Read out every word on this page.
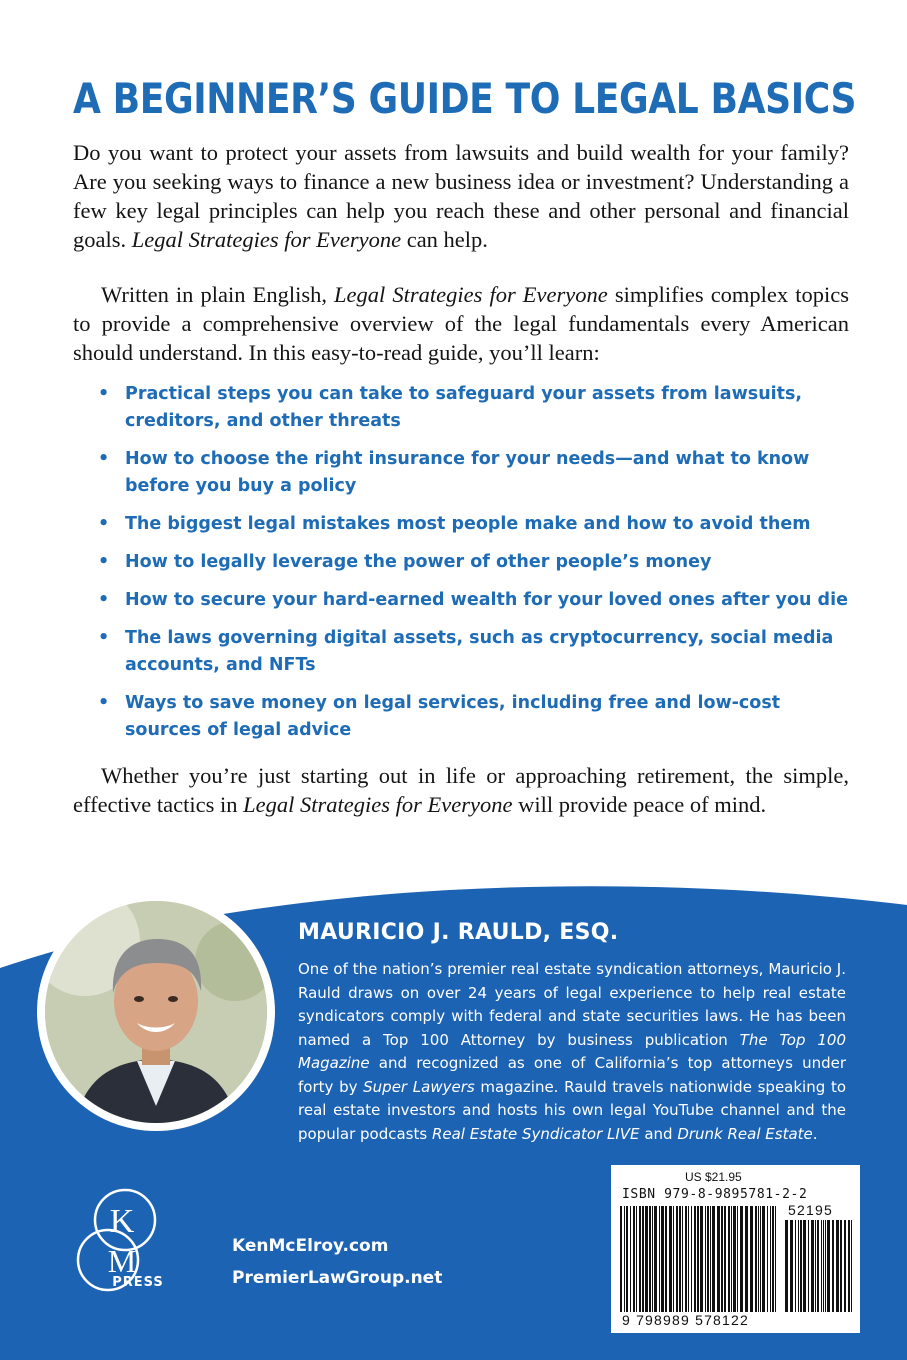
A BEGINNER’S GUIDE TO LEGAL BASICS

Do you want to protect your assets from lawsuits and build wealth for your family? Are you seeking ways to finance a new business idea or investment? Understanding a few key legal principles can help you reach these and other personal and financial goals. Legal Strategies for Everyone can help.

Written in plain English, Legal Strategies for Everyone simplifies complex topics to provide a comprehensive overview of the legal fundamentals every American should understand. In this easy-to-read guide, you’ll learn:

• Practical steps you can take to safeguard your assets from lawsuits, creditors, and other threats
• How to choose the right insurance for your needs—and what to know before you buy a policy
• The biggest legal mistakes most people make and how to avoid them
• How to legally leverage the power of other people’s money
• How to secure your hard-earned wealth for your loved ones after you die
• The laws governing digital assets, such as cryptocurrency, social media accounts, and NFTs
• Ways to save money on legal services, including free and low-cost sources of legal advice

Whether you’re just starting out in life or approaching retirement, the simple, effective tactics in Legal Strategies for Everyone will provide peace of mind.

MAURICIO J. RAULD, ESQ.

One of the nation’s premier real estate syndication attorneys, Mauricio J. Rauld draws on over 24 years of legal experience to help real estate syndicators comply with federal and state securities laws. He has been named a Top 100 Attorney by business publication The Top 100 Magazine and recognized as one of California’s top attorneys under forty by Super Lawyers magazine. Rauld travels nationwide speaking to real estate investors and hosts his own legal YouTube channel and the popular podcasts Real Estate Syndicator LIVE and Drunk Real Estate.

K
M
PRESS

KenMcElroy.com

PremierLawGroup.net

US $21.95

ISBN 979-8-9895781-2-2

52195

9 798989 578122
